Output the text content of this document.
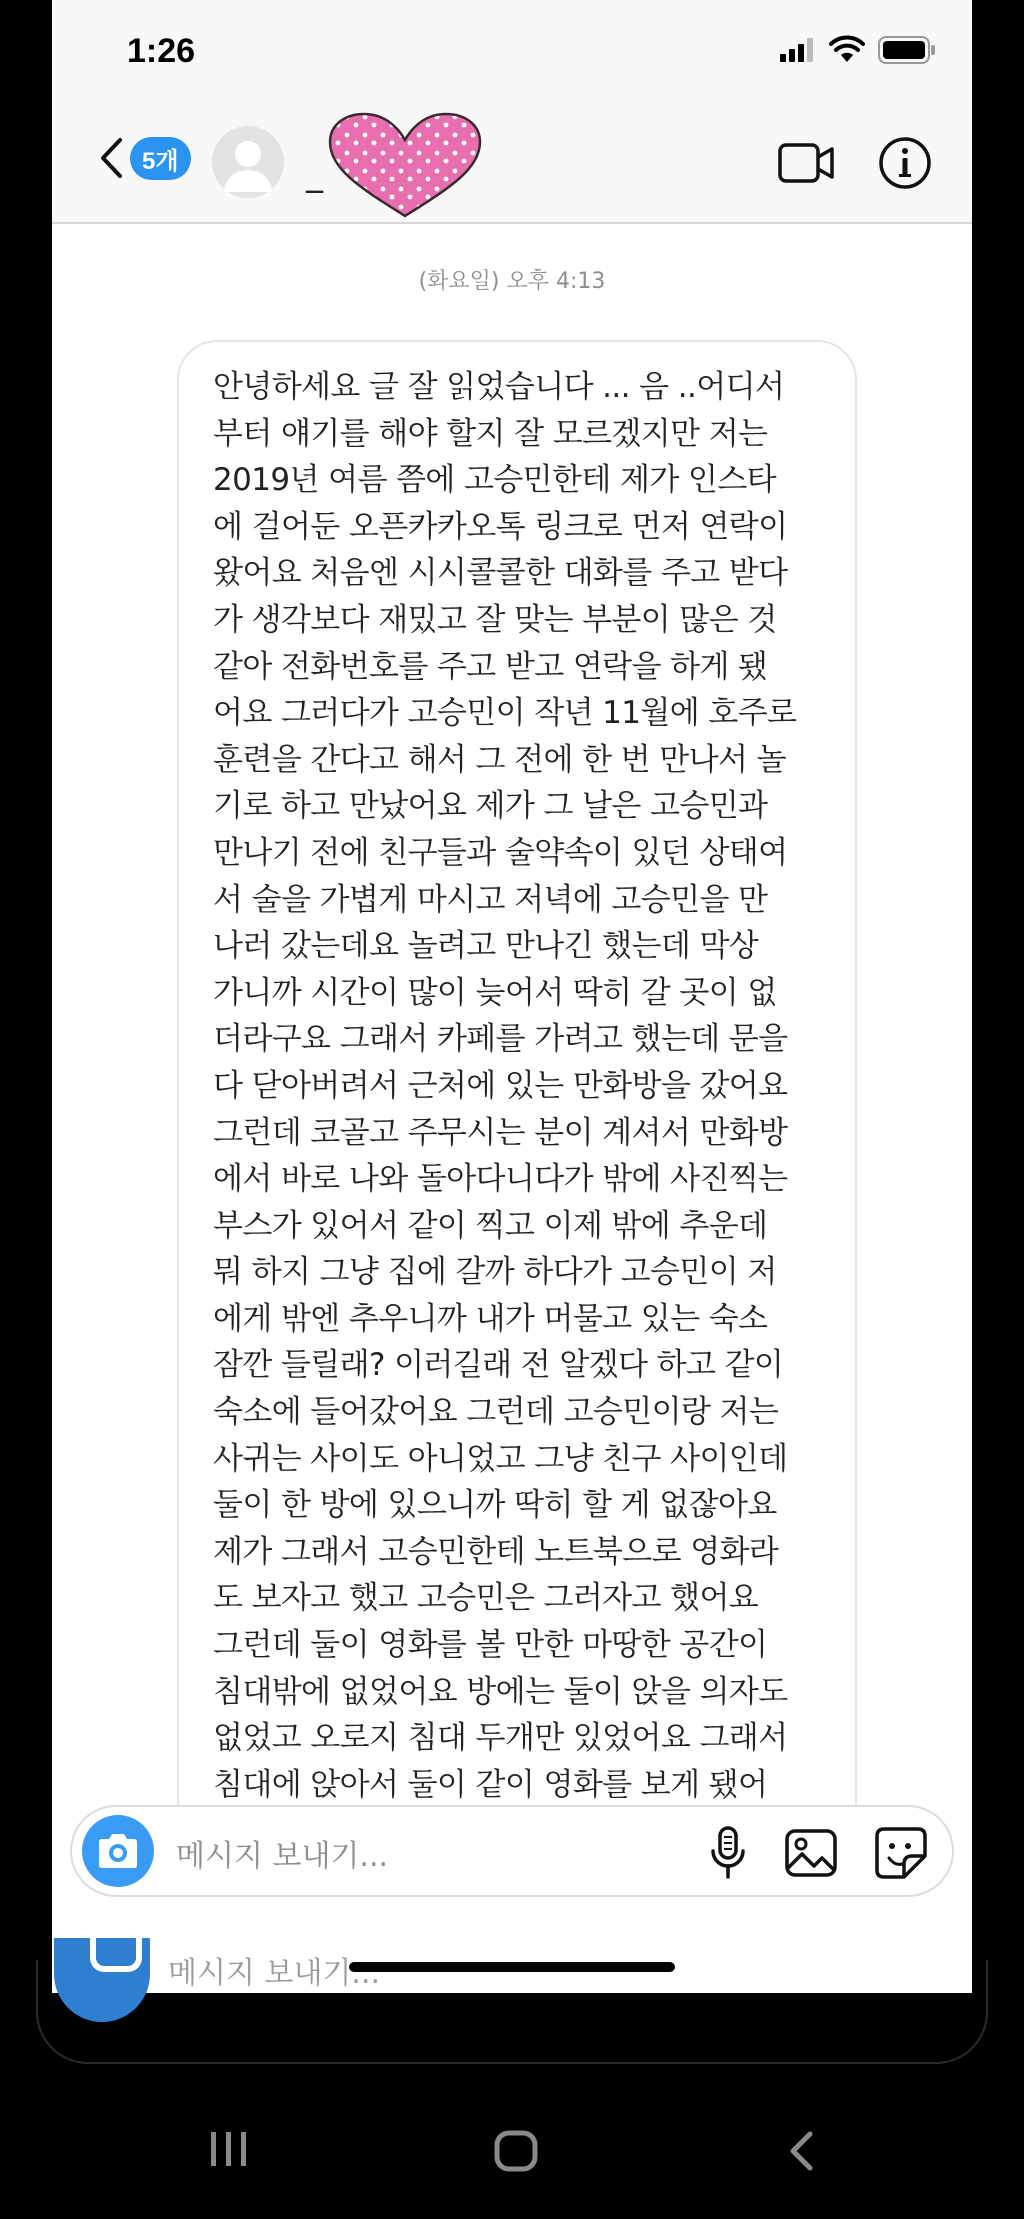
1:26
5개	_
(화요일) 오후 4:13

안녕하세요 글 잘 읽었습니다 ... 음 ..어디서
부터 얘기를 해야 할지 잘 모르겠지만 저는
2019년 여름 쯤에 고승민한테 제가 인스타
에 걸어둔 오픈카카오톡 링크로 먼저 연락이
왔어요 처음엔 시시콜콜한 대화를 주고 받다
가 생각보다 재밌고 잘 맞는 부분이 많은 것
같아 전화번호를 주고 받고 연락을 하게 됐
어요 그러다가 고승민이 작년 11월에 호주로
훈련을 간다고 해서 그 전에 한 번 만나서 놀
기로 하고 만났어요 제가 그 날은 고승민과
만나기 전에 친구들과 술약속이 있던 상태여
서 술을 가볍게 마시고 저녁에 고승민을 만
나러 갔는데요 놀려고 만나긴 했는데 막상
가니까 시간이 많이 늦어서 딱히 갈 곳이 없
더라구요 그래서 카페를 가려고 했는데 문을
다 닫아버려서 근처에 있는 만화방을 갔어요
그런데 코골고 주무시는 분이 계셔서 만화방
에서 바로 나와 돌아다니다가 밖에 사진찍는
부스가 있어서 같이 찍고 이제 밖에 추운데
뭐 하지 그냥 집에 갈까 하다가 고승민이 저
에게 밖엔 추우니까 내가 머물고 있는 숙소
잠깐 들릴래? 이러길래 전 알겠다 하고 같이
숙소에 들어갔어요 그런데 고승민이랑 저는
사귀는 사이도 아니었고 그냥 친구 사이인데
둘이 한 방에 있으니까 딱히 할 게 없잖아요
제가 그래서 고승민한테 노트북으로 영화라
도 보자고 했고 고승민은 그러자고 했어요
그런데 둘이 영화를 볼 만한 마땅한 공간이
침대밖에 없었어요 방에는 둘이 앉을 의자도
없었고 오로지 침대 두개만 있었어요 그래서
침대에 앉아서 둘이 같이 영화를 보게 됐어

메시지 보내기...
메시지 보내기...
